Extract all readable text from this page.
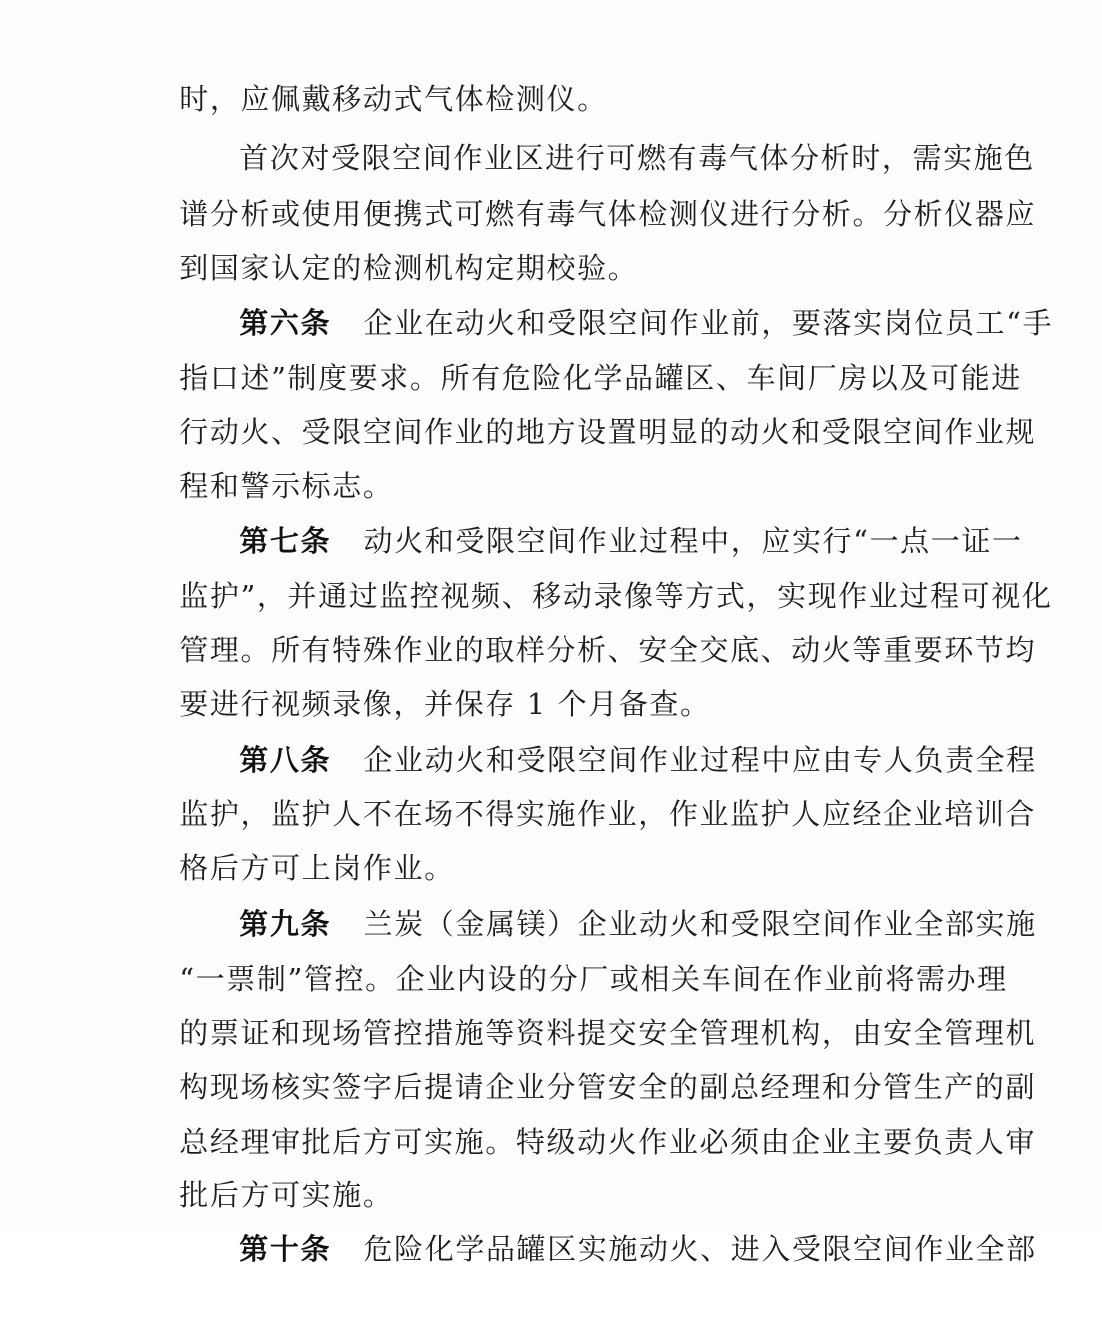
时，应佩戴移动式气体检测仪。

首次对受限空间作业区进行可燃有毒气体分析时，需实施色

谱分析或使用便携式可燃有毒气体检测仪进行分析。分析仪器应

到国家认定的检测机构定期校验。

第六条   企业在动火和受限空间作业前，要落实岗位员工“手

指口述”制度要求。所有危险化学品罐区、车间厂房以及可能进

行动火、受限空间作业的地方设置明显的动火和受限空间作业规

程和警示标志。

第七条   动火和受限空间作业过程中，应实行“一点一证一

监护”，并通过监控视频、移动录像等方式，实现作业过程可视化

管理。所有特殊作业的取样分析、安全交底、动火等重要环节均

要进行视频录像，并保存 1 个月备查。

第八条   企业动火和受限空间作业过程中应由专人负责全程

监护，监护人不在场不得实施作业，作业监护人应经企业培训合

格后方可上岗作业。

第九条   兰炭（金属镁）企业动火和受限空间作业全部实施

“一票制”管控。企业内设的分厂或相关车间在作业前将需办理

的票证和现场管控措施等资料提交安全管理机构，由安全管理机

构现场核实签字后提请企业分管安全的副总经理和分管生产的副

总经理审批后方可实施。特级动火作业必须由企业主要负责人审

批后方可实施。

第十条   危险化学品罐区实施动火、进入受限空间作业全部
